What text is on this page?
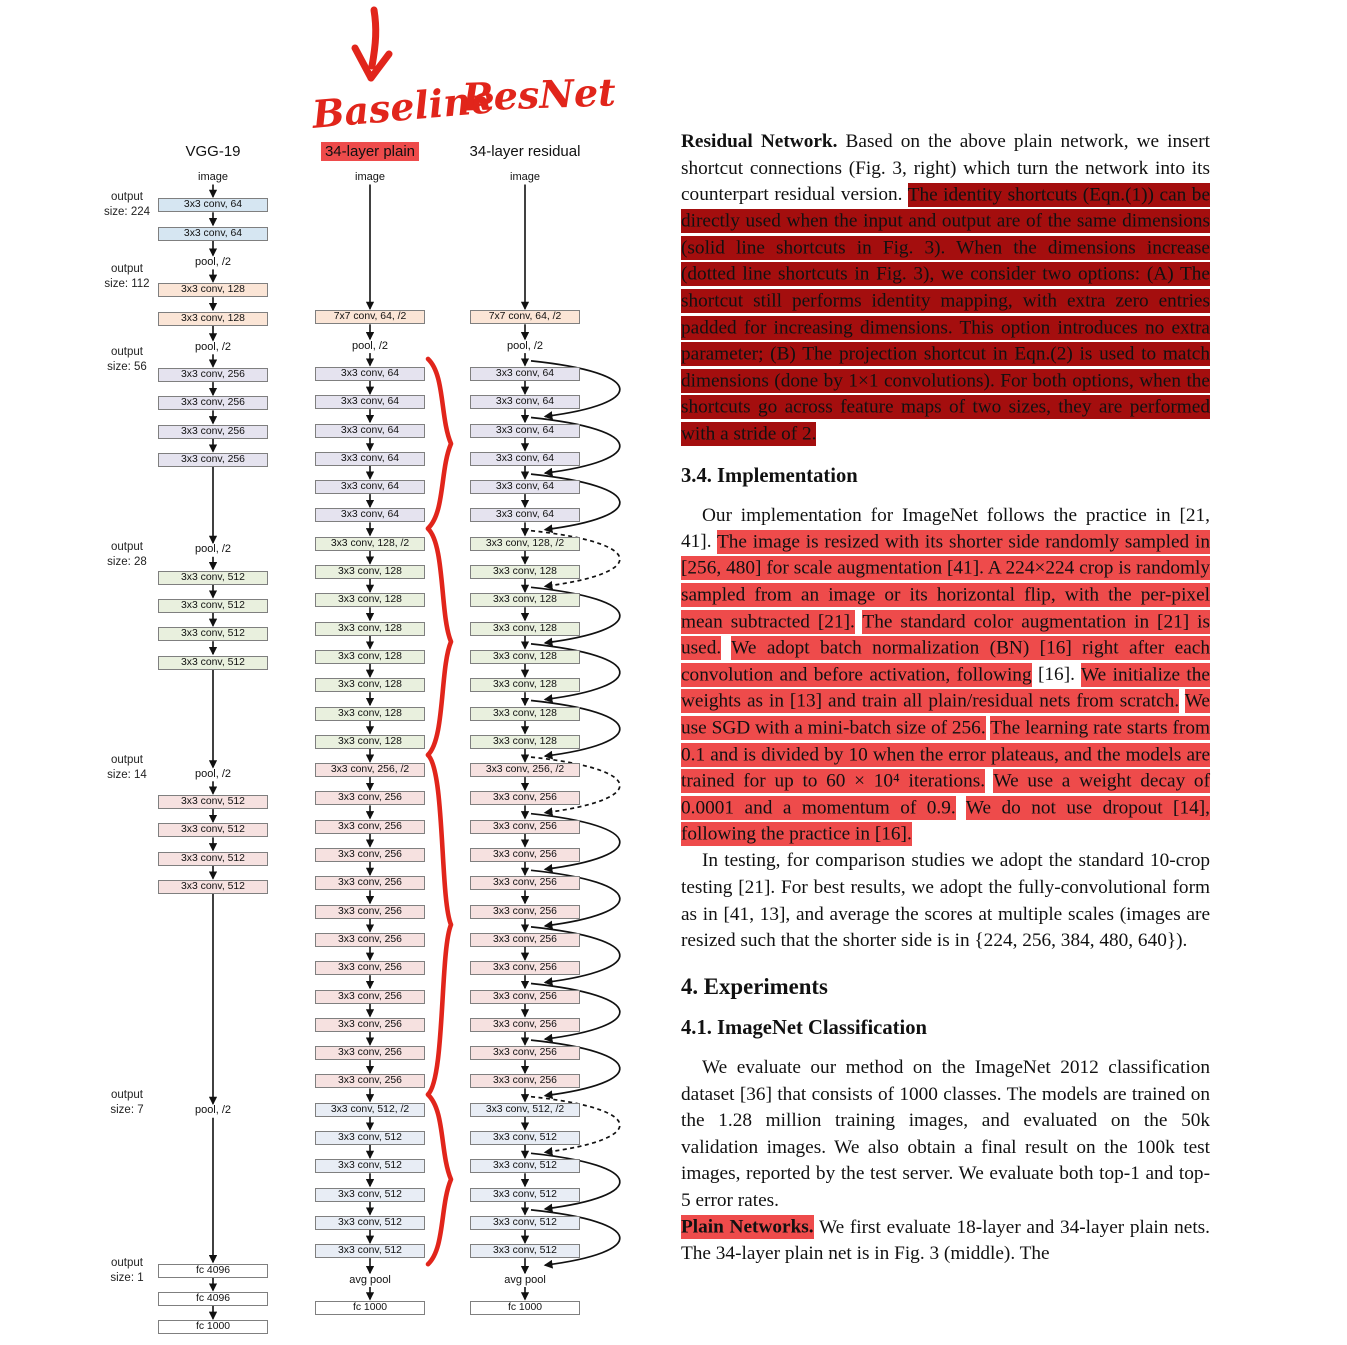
image
3x3 conv, 64
3x3 conv, 64
pool, /2
3x3 conv, 128
3x3 conv, 128
pool, /2
3x3 conv, 256
3x3 conv, 256
3x3 conv, 256
3x3 conv, 256
pool, /2
3x3 conv, 512
3x3 conv, 512
3x3 conv, 512
3x3 conv, 512
pool, /2
3x3 conv, 512
3x3 conv, 512
3x3 conv, 512
3x3 conv, 512
pool, /2
fc 4096
fc 4096
fc 1000
image
7x7 conv, 64, /2
pool, /2
3x3 conv, 64
3x3 conv, 64
3x3 conv, 64
3x3 conv, 64
3x3 conv, 64
3x3 conv, 64
3x3 conv, 128, /2
3x3 conv, 128
3x3 conv, 128
3x3 conv, 128
3x3 conv, 128
3x3 conv, 128
3x3 conv, 128
3x3 conv, 128
3x3 conv, 256, /2
3x3 conv, 256
3x3 conv, 256
3x3 conv, 256
3x3 conv, 256
3x3 conv, 256
3x3 conv, 256
3x3 conv, 256
3x3 conv, 256
3x3 conv, 256
3x3 conv, 256
3x3 conv, 256
3x3 conv, 512, /2
3x3 conv, 512
3x3 conv, 512
3x3 conv, 512
3x3 conv, 512
3x3 conv, 512
avg pool
fc 1000
image
7x7 conv, 64, /2
pool, /2
3x3 conv, 64
3x3 conv, 64
3x3 conv, 64
3x3 conv, 64
3x3 conv, 64
3x3 conv, 64
3x3 conv, 128, /2
3x3 conv, 128
3x3 conv, 128
3x3 conv, 128
3x3 conv, 128
3x3 conv, 128
3x3 conv, 128
3x3 conv, 128
3x3 conv, 256, /2
3x3 conv, 256
3x3 conv, 256
3x3 conv, 256
3x3 conv, 256
3x3 conv, 256
3x3 conv, 256
3x3 conv, 256
3x3 conv, 256
3x3 conv, 256
3x3 conv, 256
3x3 conv, 256
3x3 conv, 512, /2
3x3 conv, 512
3x3 conv, 512
3x3 conv, 512
3x3 conv, 512
3x3 conv, 512
avg pool
fc 1000
output
size: 224
output
size: 112
output
size: 56
output
size: 28
output
size: 14
output
size: 7
output
size: 1
VGG-19	34-layer plain	34-layer residual
Baseline
ResNet

Residual Network. Based on the above plain network, we insert shortcut connections (Fig. 3, right) which turn the network into its counterpart residual version. The identity shortcuts (Eqn.(1)) can be directly used when the input and output are of the same dimensions (solid line shortcuts in Fig. 3). When the dimensions increase (dotted line shortcuts in Fig. 3), we consider two options: (A) The shortcut still performs identity mapping, with extra zero entries padded for increasing dimensions. This option introduces no extra parameter; (B) The projection shortcut in Eqn.(2) is used to match dimensions (done by 1×1 convolutions). For both options, when the shortcuts go across feature maps of two sizes, they are performed with a stride of 2.

3.4. Implementation

Our implementation for ImageNet follows the practice in [21, 41]. The image is resized with its shorter side randomly sampled in [256, 480] for scale augmentation [41]. A 224×224 crop is randomly sampled from an image or its horizontal flip, with the per-pixel mean subtracted [21]. The standard color augmentation in [21] is used. We adopt batch normalization (BN) [16] right after each convolution and before activation, following [16]. We initialize the weights as in [13] and train all plain/residual nets from scratch. We use SGD with a mini-batch size of 256. The learning rate starts from 0.1 and is divided by 10 when the error plateaus, and the models are trained for up to 60 × 10⁴ iterations. We use a weight decay of 0.0001 and a momentum of 0.9. We do not use dropout [14], following the practice in [16].

In testing, for comparison studies we adopt the standard 10-crop testing [21]. For best results, we adopt the fully-convolutional form as in [41, 13], and average the scores at multiple scales (images are resized such that the shorter side is in {224, 256, 384, 480, 640}).

4. Experiments
4.1. ImageNet Classification

We evaluate our method on the ImageNet 2012 classification dataset [36] that consists of 1000 classes. The models are trained on the 1.28 million training images, and evaluated on the 50k validation images. We also obtain a final result on the 100k test images, reported by the test server. We evaluate both top-1 and top-5 error rates.

Plain Networks. We first evaluate 18-layer and 34-layer plain nets. The 34-layer plain net is in Fig. 3 (middle). The
